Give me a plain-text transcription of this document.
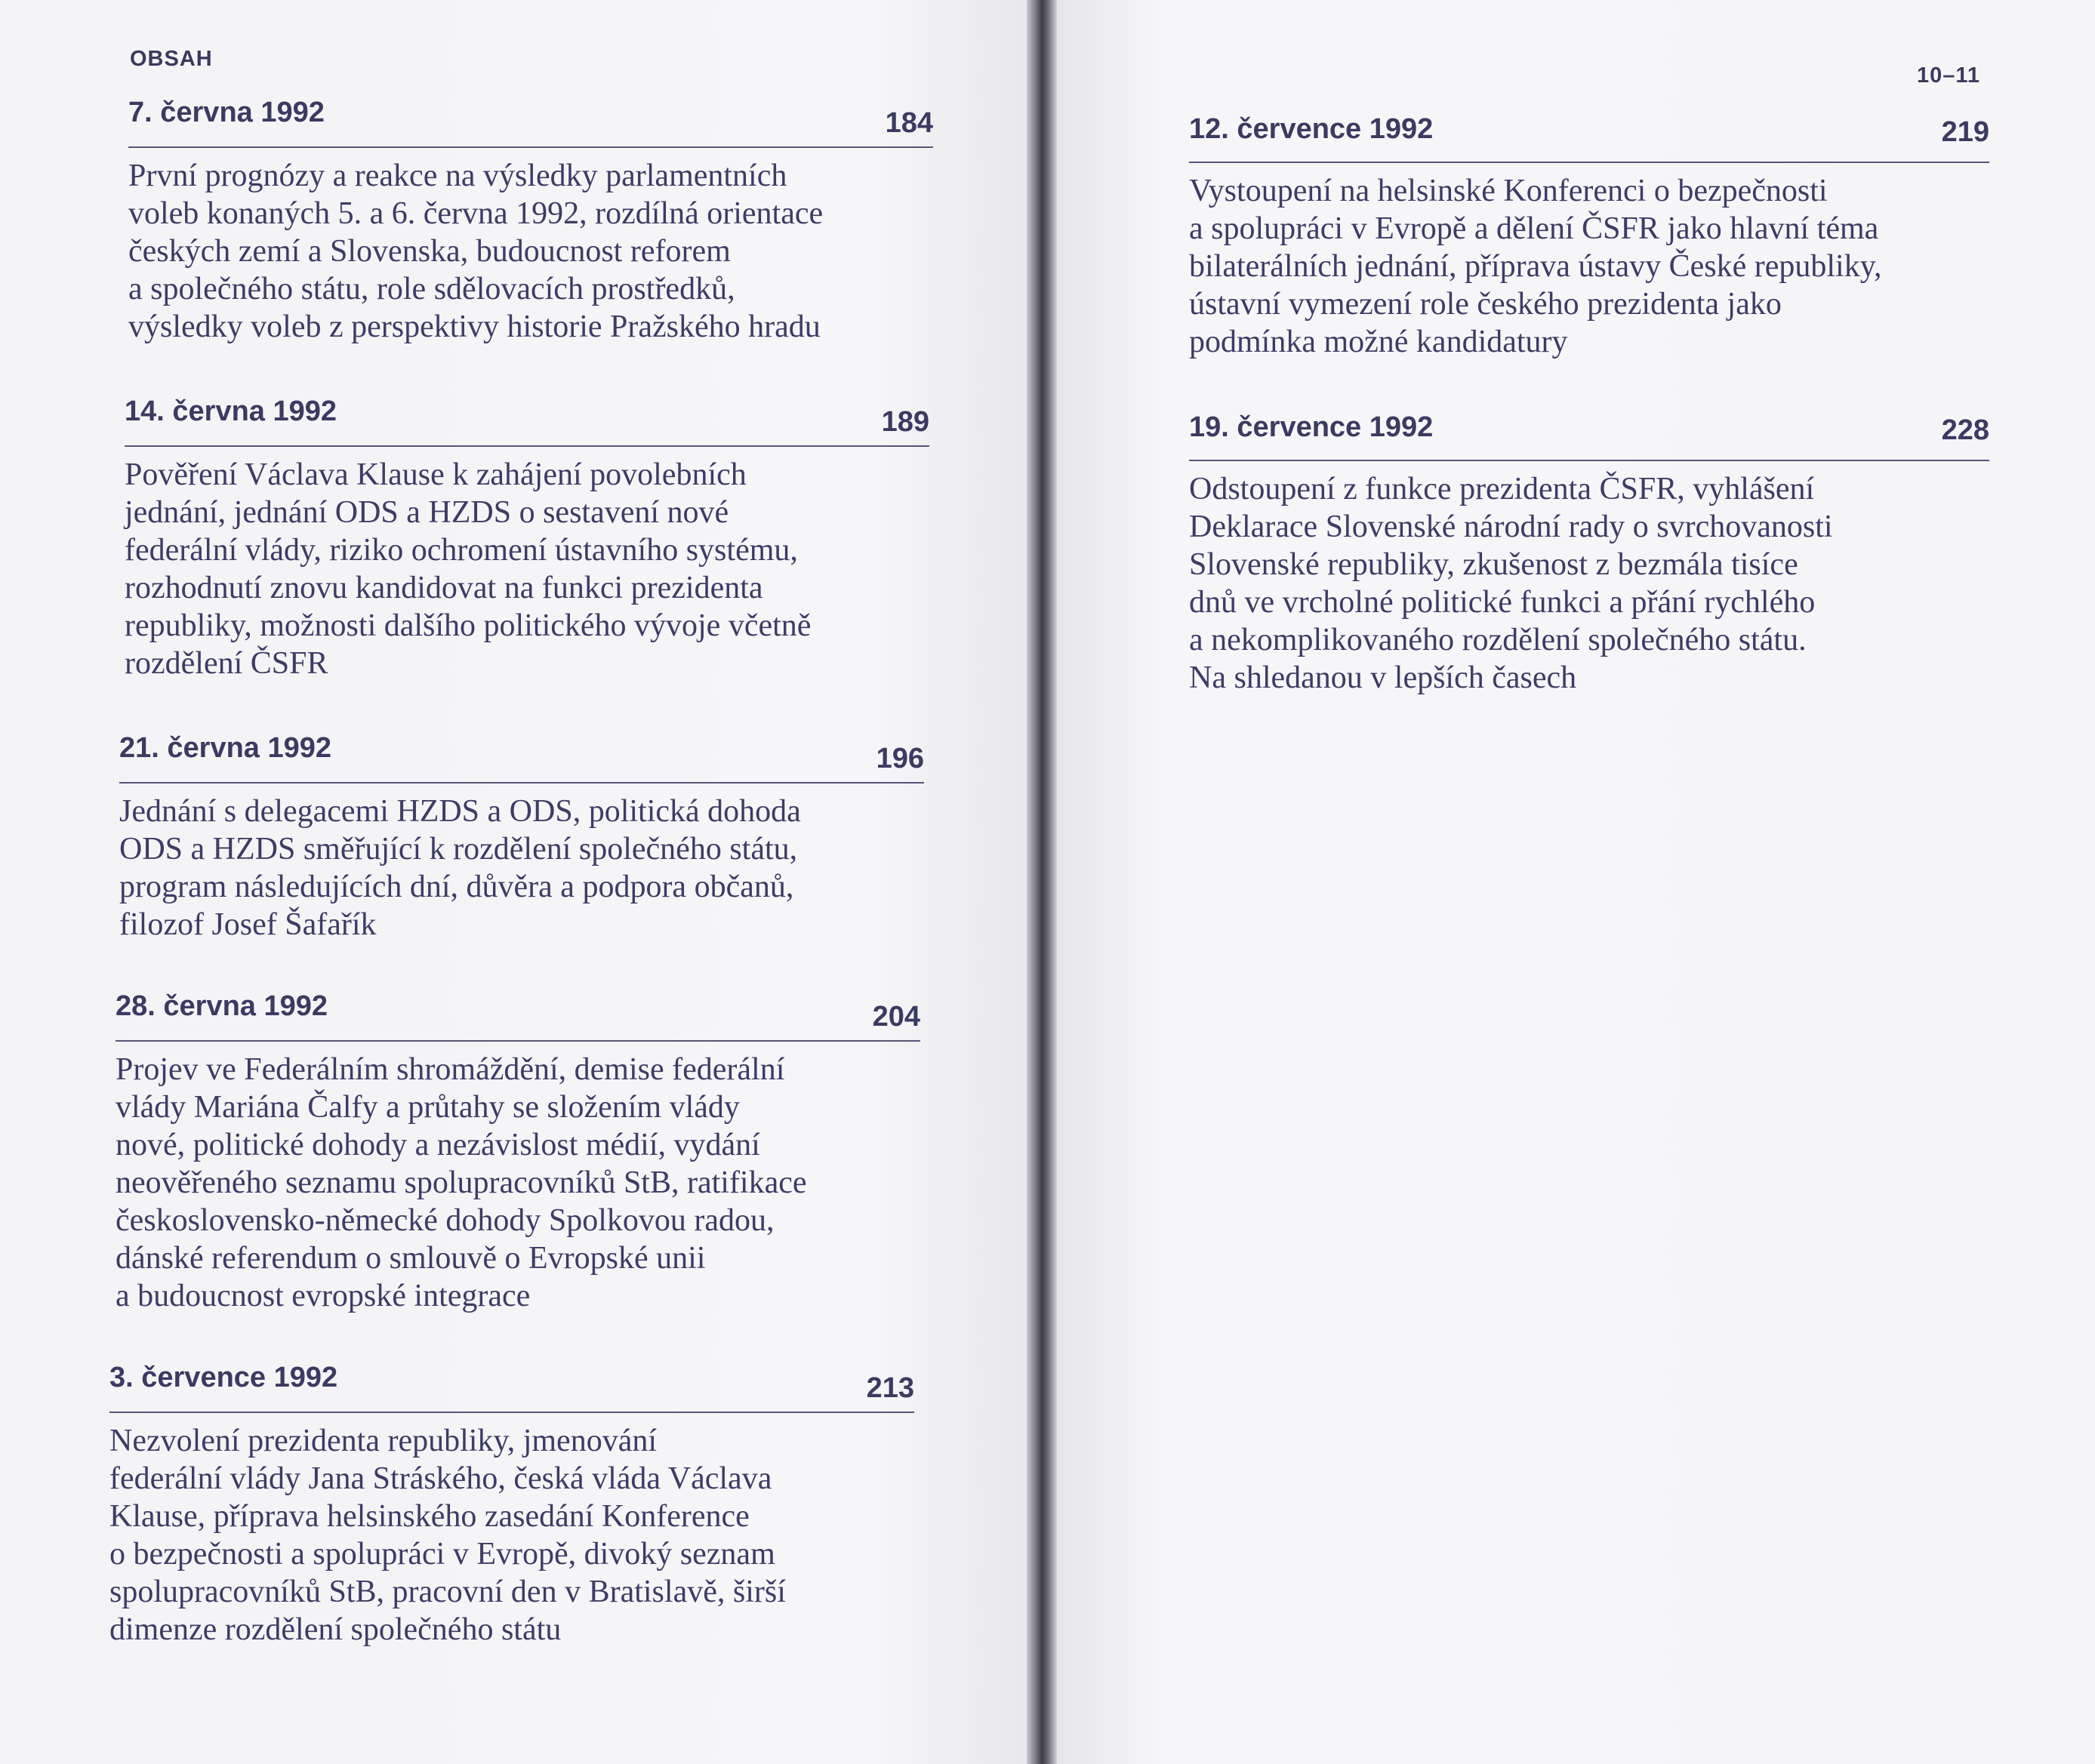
OBSAH
7. června 1992	184
První prognózy a reakce na výsledky parlamentních
voleb konaných 5. a 6. června 1992, rozdílná orientace
českých zemí a Slovenska, budoucnost reforem
a společného státu, role sdělovacích prostředků,
výsledky voleb z perspektivy historie Pražského hradu
14. června 1992	189
Pověření Václava Klause k zahájení povolebních
jednání, jednání ODS a HZDS o sestavení nové
federální vlády, riziko ochromení ústavního systému,
rozhodnutí znovu kandidovat na funkci prezidenta
republiky, možnosti dalšího politického vývoje včetně
rozdělení ČSFR
21. června 1992	196
Jednání s delegacemi HZDS a ODS, politická dohoda
ODS a HZDS směřující k rozdělení společného státu,
program následujících dní, důvěra a podpora občanů,
filozof Josef Šafařík
28. června 1992	204
Projev ve Federálním shromáždění, demise federální
vlády Mariána Čalfy a průtahy se složením vlády
nové, politické dohody a nezávislost médií, vydání
neověřeného seznamu spolupracovníků StB, ratifikace
československo-německé dohody Spolkovou radou,
dánské referendum o smlouvě o Evropské unii
a budoucnost evropské integrace
3. července 1992	213
Nezvolení prezidenta republiky, jmenování
federální vlády Jana Stráského, česká vláda Václava
Klause, příprava helsinského zasedání Konference
o bezpečnosti a spolupráci v Evropě, divoký seznam
spolupracovníků StB, pracovní den v Bratislavě, širší
dimenze rozdělení společného státu
10–11
12. července 1992	219
Vystoupení na helsinské Konferenci o bezpečnosti
a spolupráci v Evropě a dělení ČSFR jako hlavní téma
bilaterálních jednání, příprava ústavy České republiky,
ústavní vymezení role českého prezidenta jako
podmínka možné kandidatury
19. července 1992	228
Odstoupení z funkce prezidenta ČSFR, vyhlášení
Deklarace Slovenské národní rady o svrchovanosti
Slovenské republiky, zkušenost z bezmála tisíce
dnů ve vrcholné politické funkci a přání rychlého
a nekomplikovaného rozdělení společného státu.
Na shledanou v lepších časech
